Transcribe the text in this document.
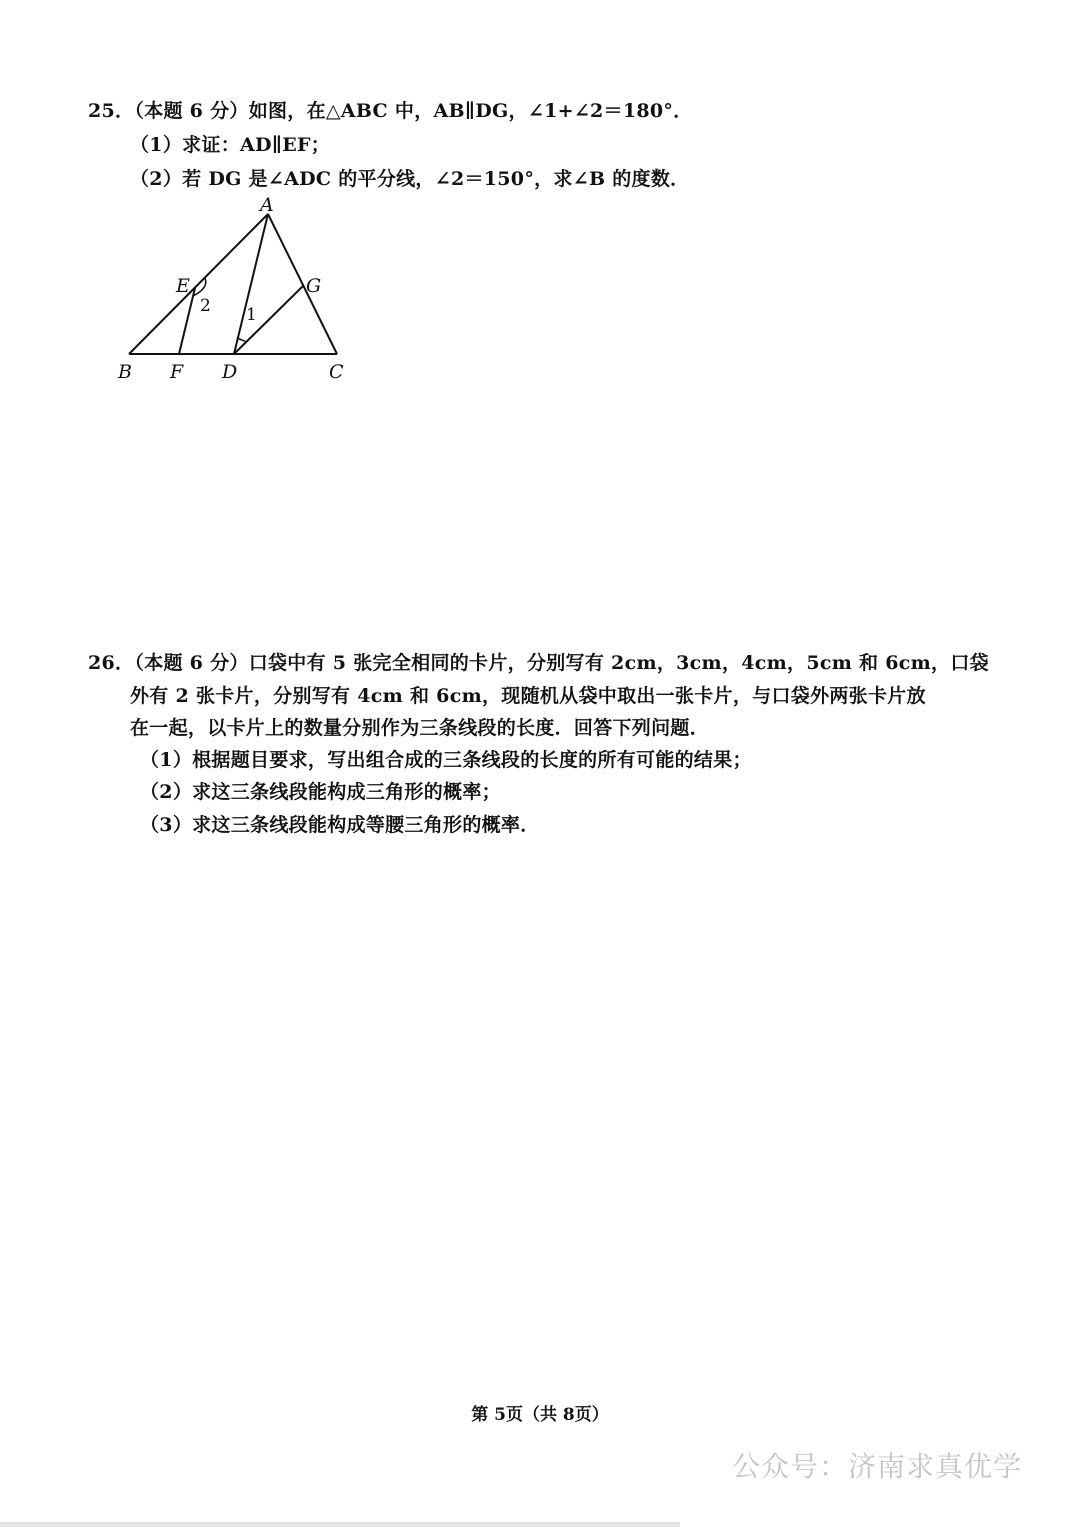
25．（本题 6 分）如图，在△ABC 中，AB∥DG，∠1+∠2＝180°．
（1）求证：AD∥EF；
（2）若 DG 是∠ADC 的平分线，∠2＝150°，求∠B 的度数．
A
B	C
D
E
F
G
1
2
26．（本题 6 分）口袋中有 5 张完全相同的卡片，分别写有 2cm，3cm，4cm，5cm 和 6cm，口袋
外有 2 张卡片，分别写有 4cm 和 6cm，现随机从袋中取出一张卡片，与口袋外两张卡片放
在一起，以卡片上的数量分别作为三条线段的长度．回答下列问题．
（1）根据题目要求，写出组合成的三条线段的长度的所有可能的结果；
（2）求这三条线段能构成三角形的概率；
（3）求这三条线段能构成等腰三角形的概率．
第 5页（共 8页）
公众号：济南求真优学
